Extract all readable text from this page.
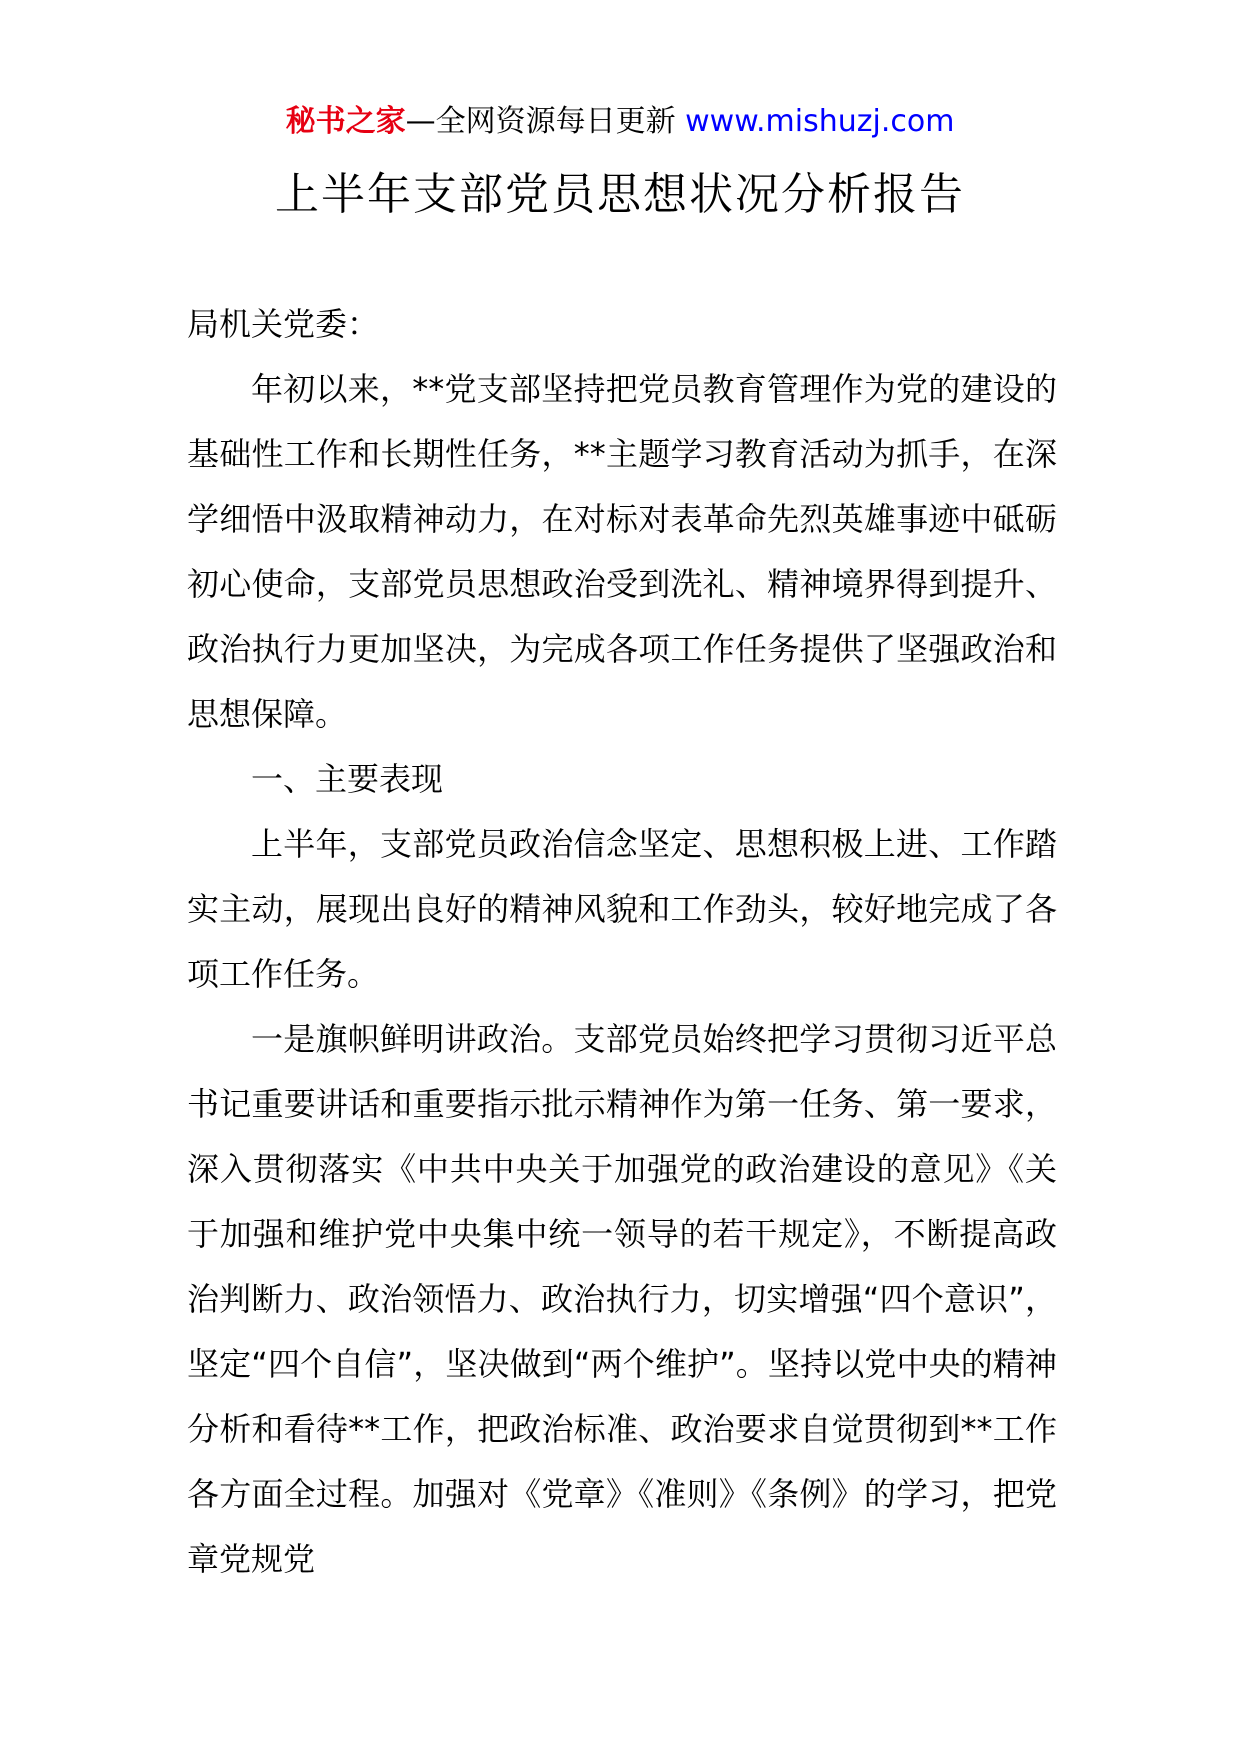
秘书之家—全网资源每日更新 www.mishuzj.com
上半年支部党员思想状况分析报告

局机关党委：

年初以来，**党支部坚持把党员教育管理作为党的建设的基础性工作和长期性任务，**主题学习教育活动为抓手，在深学细悟中汲取精神动力，在对标对表革命先烈英雄事迹中砥砺初心使命，支部党员思想政治受到洗礼、精神境界得到提升、政治执行力更加坚决，为完成各项工作任务提供了坚强政治和思想保障。

一、主要表现

上半年，支部党员政治信念坚定、思想积极上进、工作踏实主动，展现出良好的精神风貌和工作劲头，较好地完成了各项工作任务。

一是旗帜鲜明讲政治。支部党员始终把学习贯彻习近平总书记重要讲话和重要指示批示精神作为第一任务、第一要求，深入贯彻落实《中共中央关于加强党的政治建设的意见》《关于加强和维护党中央集中统一领导的若干规定》，不断提高政治判断力、政治领悟力、政治执行力，切实增强“四个意识”，坚定“四个自信”，坚决做到“两个维护”。坚持以党中央的精神分析和看待**工作，把政治标准、政治要求自觉贯彻到**工作各方面全过程。加强对《党章》《准则》《条例》的学习，把党章党规党
